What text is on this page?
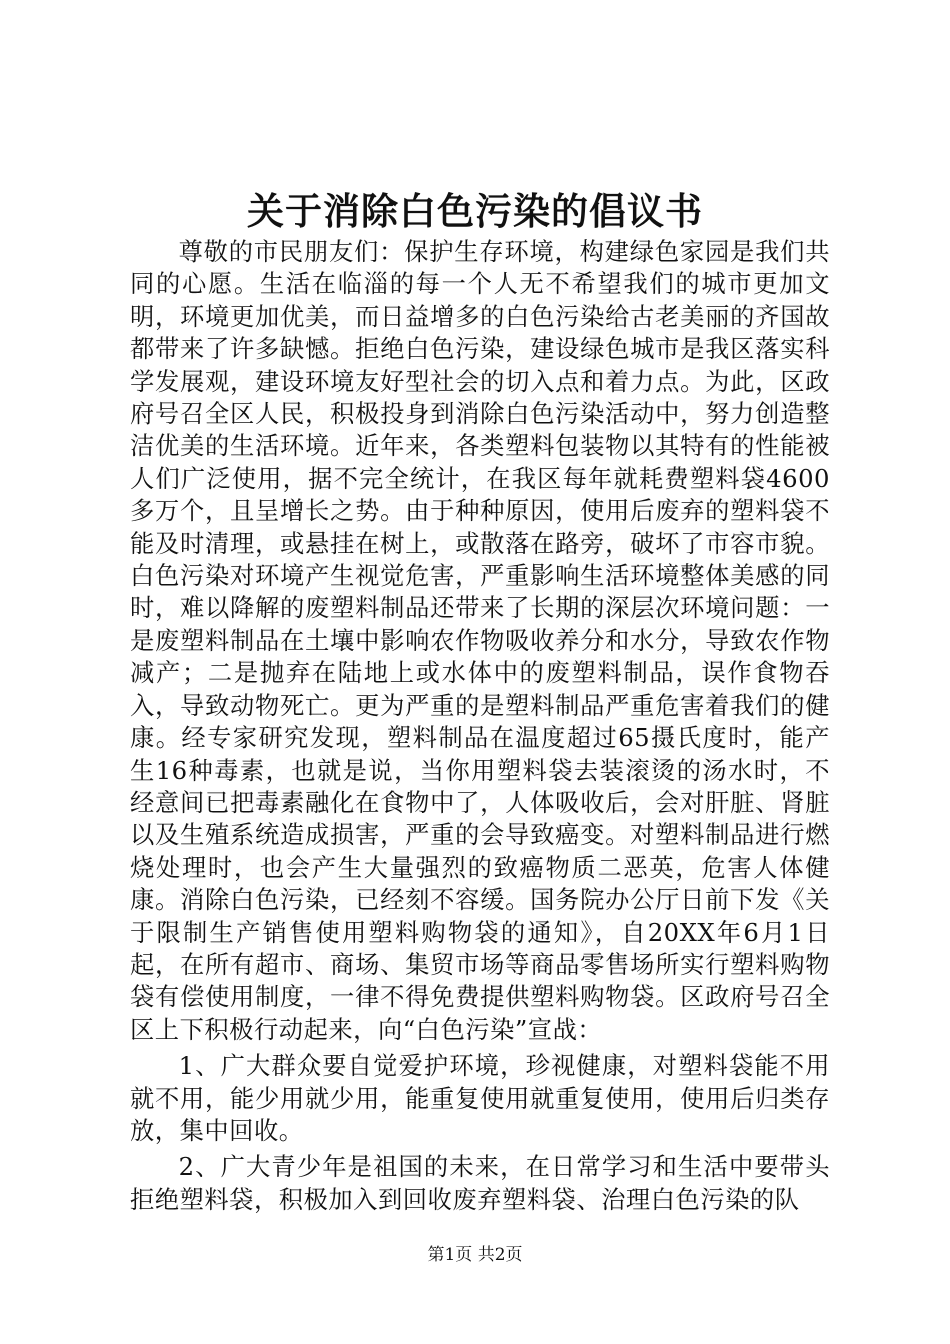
关于消除白色污染的倡议书

尊敬的市民朋友们：保护生存环境，构建绿色家园是我们共同的心愿。生活在临淄的每一个人无不希望我们的城市更加文明，环境更加优美，而日益增多的白色污染给古老美丽的齐国故都带来了许多缺憾。拒绝白色污染，建设绿色城市是我区落实科学发展观，建设环境友好型社会的切入点和着力点。为此，区政府号召全区人民，积极投身到消除白色污染活动中，努力创造整洁优美的生活环境。近年来，各类塑料包装物以其特有的性能被人们广泛使用，据不完全统计，在我区每年就耗费塑料袋4600多万个，且呈增长之势。由于种种原因，使用后废弃的塑料袋不能及时清理，或悬挂在树上，或散落在路旁，破坏了市容市貌。白色污染对环境产生视觉危害，严重影响生活环境整体美感的同时，难以降解的废塑料制品还带来了长期的深层次环境问题：一是废塑料制品在土壤中影响农作物吸收养分和水分，导致农作物减产；二是抛弃在陆地上或水体中的废塑料制品，误作食物吞入，导致动物死亡。更为严重的是塑料制品严重危害着我们的健康。经专家研究发现，塑料制品在温度超过65摄氏度时，能产生16种毒素，也就是说，当你用塑料袋去装滚烫的汤水时，不经意间已把毒素融化在食物中了，人体吸收后，会对肝脏、肾脏以及生殖系统造成损害，严重的会导致癌变。对塑料制品进行燃烧处理时，也会产生大量强烈的致癌物质二恶英，危害人体健康。消除白色污染，已经刻不容缓。国务院办公厅日前下发《关于限制生产销售使用塑料购物袋的通知》，自20XX年6月1日起，在所有超市、商场、集贸市场等商品零售场所实行塑料购物袋有偿使用制度，一律不得免费提供塑料购物袋。区政府号召全区上下积极行动起来，向“白色污染”宣战：

1、广大群众要自觉爱护环境，珍视健康，对塑料袋能不用就不用，能少用就少用，能重复使用就重复使用，使用后归类存放，集中回收。

2、广大青少年是祖国的未来，在日常学习和生活中要带头拒绝塑料袋，积极加入到回收废弃塑料袋、治理白色污染的队

第1页 共2页
